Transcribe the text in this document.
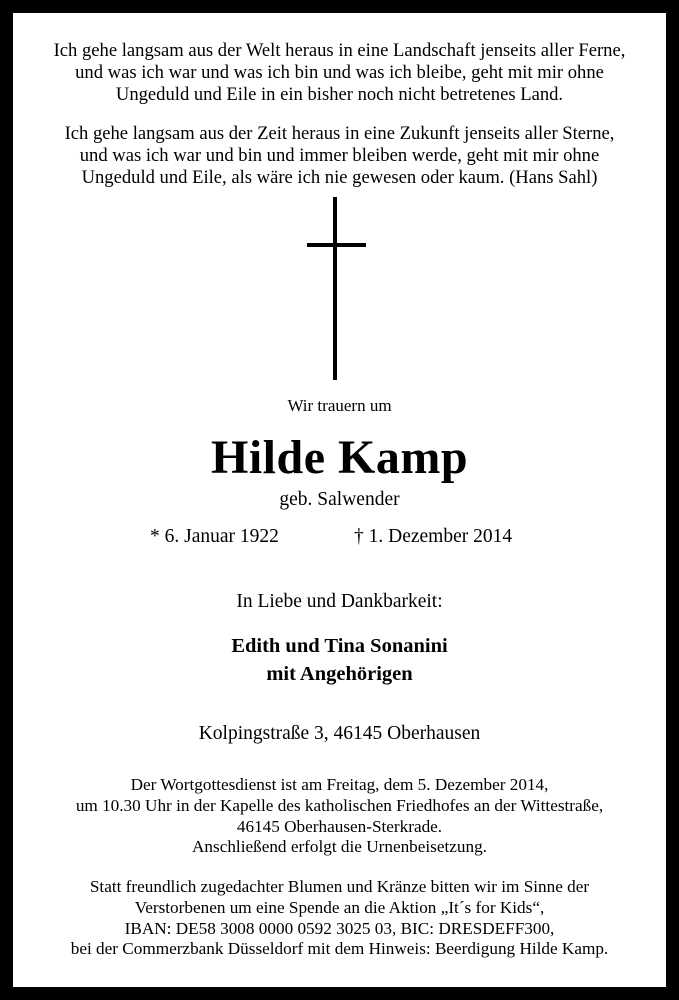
Ich gehe langsam aus der Welt heraus in eine Landschaft jenseits aller Ferne,
und was ich war und was ich bin und was ich bleibe, geht mit mir ohne
Ungeduld und Eile in ein bisher noch nicht betretenes Land.
Ich gehe langsam aus der Zeit heraus in eine Zukunft jenseits aller Sterne,
und was ich war und bin und immer bleiben werde, geht mit mir ohne
Ungeduld und Eile, als wäre ich nie gewesen oder kaum. (Hans Sahl)
Wir trauern um
Hilde Kamp
geb. Salwender
* 6. Januar 1922	† 1. Dezember 2014
In Liebe und Dankbarkeit:
Edith und Tina Sonanini
mit Angehörigen
Kolpingstraße 3, 46145 Oberhausen
Der Wortgottesdienst ist am Freitag, dem 5. Dezember 2014,
um 10.30 Uhr in der Kapelle des katholischen Friedhofes an der Wittestraße,
46145 Oberhausen-Sterkrade.
Anschließend erfolgt die Urnenbeisetzung.
Statt freundlich zugedachter Blumen und Kränze bitten wir im Sinne der
Verstorbenen um eine Spende an die Aktion „It´s for Kids“,
IBAN: DE58 3008 0000 0592 3025 03, BIC: DRESDEFF300,
bei der Commerzbank Düsseldorf mit dem Hinweis: Beerdigung Hilde Kamp.
